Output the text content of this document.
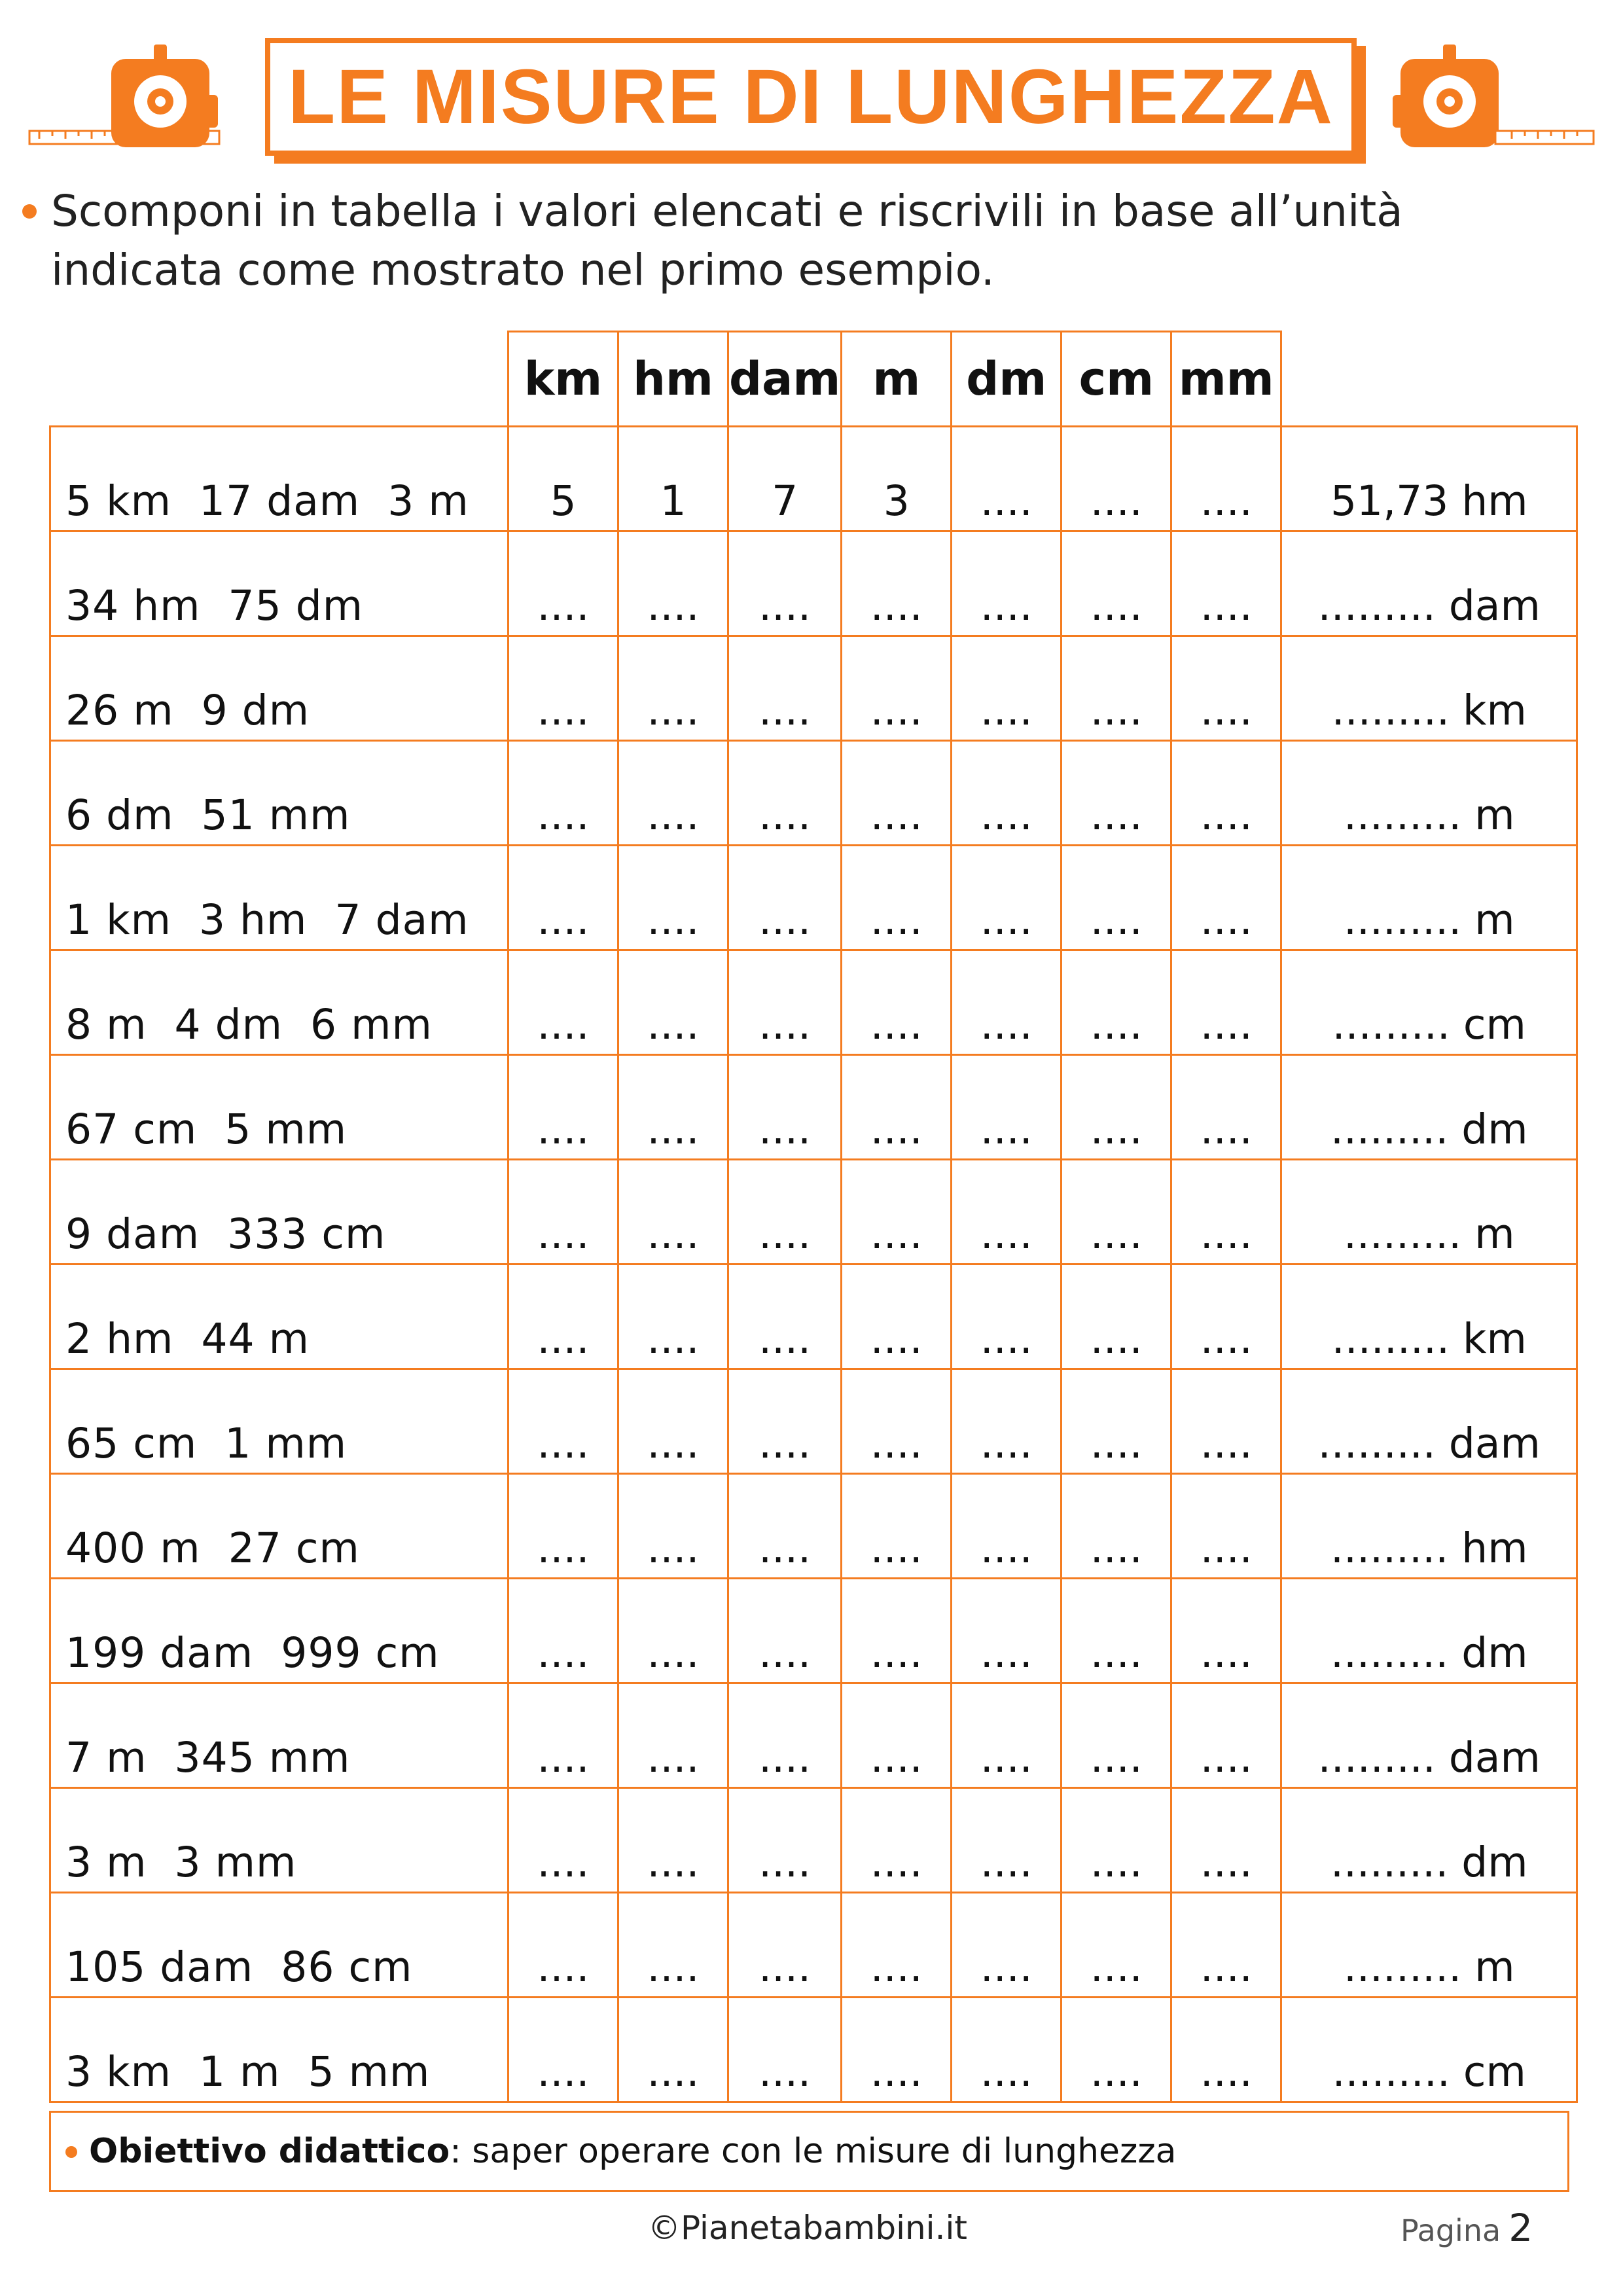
LE MISURE DI LUNGHEZZA
Scomponi in tabella i valori elencati e riscrivili in base all’unità indicata come mostrato nel primo esempio.
	km	hm	dam	m	dm	cm	mm	
5 km  17 dam  3 m	5	1	7	3	....	....	....	51,73 hm
34 hm  75 dm	....	....	....	....	....	....	....	......... dam
26 m  9 dm	....	....	....	....	....	....	....	......... km
6 dm  51 mm	....	....	....	....	....	....	....	......... m
1 km  3 hm  7 dam	....	....	....	....	....	....	....	......... m
8 m  4 dm  6 mm	....	....	....	....	....	....	....	......... cm
67 cm  5 mm	....	....	....	....	....	....	....	......... dm
9 dam  333 cm	....	....	....	....	....	....	....	......... m
2 hm  44 m	....	....	....	....	....	....	....	......... km
65 cm  1 mm	....	....	....	....	....	....	....	......... dam
400 m  27 cm	....	....	....	....	....	....	....	......... hm
199 dam  999 cm	....	....	....	....	....	....	....	......... dm
7 m  345 mm	....	....	....	....	....	....	....	......... dam
3 m  3 mm	....	....	....	....	....	....	....	......... dm
105 dam  86 cm	....	....	....	....	....	....	....	......... m
3 km  1 m  5 mm	....	....	....	....	....	....	....	......... cm
Obiettivo didattico : saper operare con le misure di lunghezza
©Pianetabambini.it	Pagina 2
